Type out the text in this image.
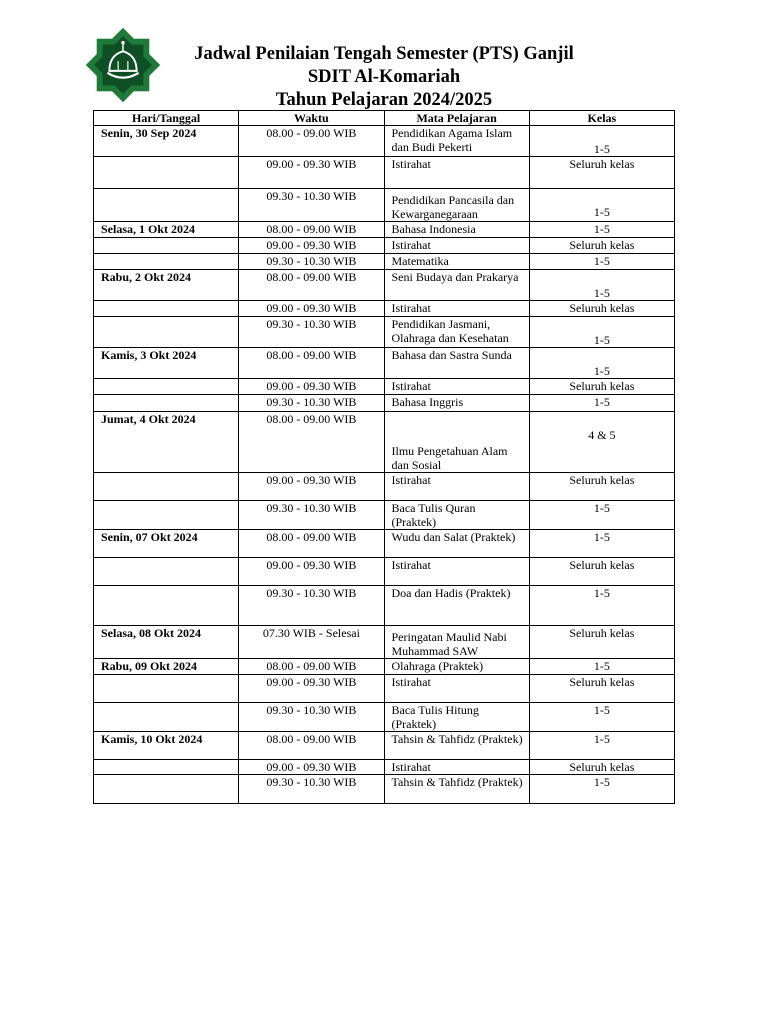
Jadwal Penilaian Tengah Semester (PTS) Ganjil
SDIT Al-Komariah
Tahun Pelajaran 2024/2025
Hari/Tanggal	Waktu	Mata Pelajaran	Kelas
Senin, 30 Sep 2024	08.00 - 09.00 WIB	Pendidikan Agama Islam dan Budi Pekerti	1-5
	09.00 - 09.30 WIB	Istirahat	Seluruh kelas
	09.30 - 10.30 WIB	Pendidikan Pancasila dan Kewarganegaraan	1-5
Selasa, 1 Okt 2024	08.00 - 09.00 WIB	Bahasa Indonesia	1-5
	09.00 - 09.30 WIB	Istirahat	Seluruh kelas
	09.30 - 10.30 WIB	Matematika	1-5
Rabu, 2 Okt 2024	08.00 - 09.00 WIB	Seni Budaya dan Prakarya	1-5
	09.00 - 09.30 WIB	Istirahat	Seluruh kelas
	09.30 - 10.30 WIB	Pendidikan Jasmani, Olahraga dan Kesehatan	1-5
Kamis, 3 Okt 2024	08.00 - 09.00 WIB	Bahasa dan Sastra Sunda	1-5
	09.00 - 09.30 WIB	Istirahat	Seluruh kelas
	09.30 - 10.30 WIB	Bahasa Inggris	1-5
Jumat, 4 Okt 2024	08.00 - 09.00 WIB	Ilmu Pengetahuan Alam dan Sosial	4 & 5
	09.00 - 09.30 WIB	Istirahat	Seluruh kelas
	09.30 - 10.30 WIB	Baca Tulis Quran (Praktek)	1-5
Senin, 07 Okt 2024	08.00 - 09.00 WIB	Wudu dan Salat (Praktek)	1-5
	09.00 - 09.30 WIB	Istirahat	Seluruh kelas
	09.30 - 10.30 WIB	Doa dan Hadis (Praktek)	1-5
Selasa, 08 Okt 2024	07.30 WIB - Selesai	Peringatan Maulid Nabi Muhammad SAW	Seluruh kelas
Rabu, 09 Okt 2024	08.00 - 09.00 WIB	Olahraga (Praktek)	1-5
	09.00 - 09.30 WIB	Istirahat	Seluruh kelas
	09.30 - 10.30 WIB	Baca Tulis Hitung (Praktek)	1-5
Kamis, 10 Okt 2024	08.00 - 09.00 WIB	Tahsin & Tahfidz (Praktek)	1-5
	09.00 - 09.30 WIB	Istirahat	Seluruh kelas
	09.30 - 10.30 WIB	Tahsin & Tahfidz (Praktek)	1-5
